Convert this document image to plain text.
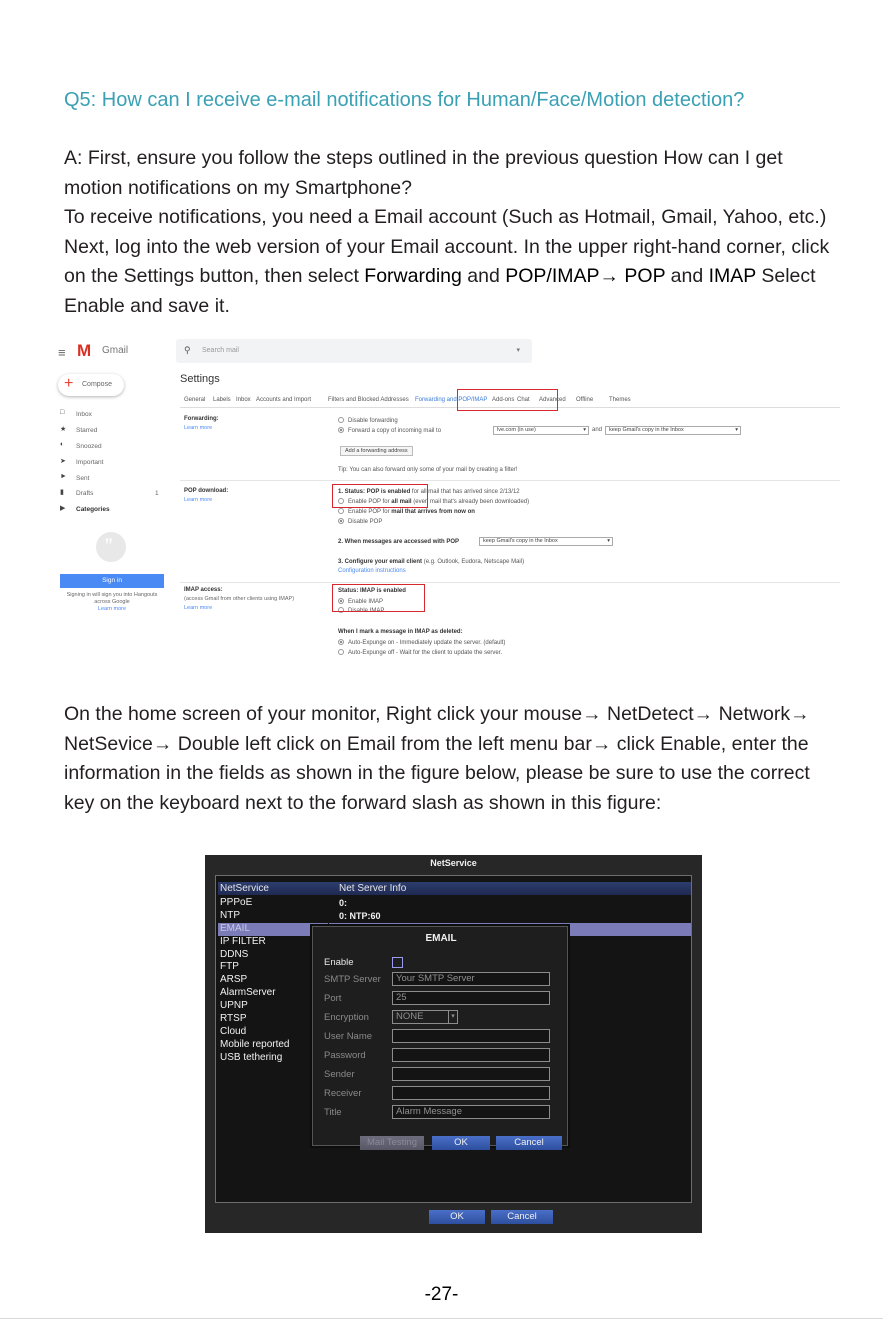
Q5: How can I receive e-mail notifications for Human/Face/Motion detection?
A: First, ensure you follow the steps outlined in the previous question How can I get motion notifications on my Smartphone?
To receive notifications, you need a Email account (Such as Hotmail, Gmail, Yahoo, etc.) Next, log into the web version of your Email account. In the upper right-hand corner, click on the Settings button, then select Forwarding and POP/IMAP→ POP and IMAP Select Enable and save it.
≡ M Gmail	⚲ Search mail	▾
+ Compose
□	Inbox
★ Starred
◐	Snoozed
➤	Important
► Sent
▮	Drafts	1
▶	Categories
”
Sign in
Signing in will sign you into Hangouts across Google
Learn more
Settings
General Labels Inbox Accounts and Import	Filters and Blocked Addresses Forwarding and POP/IMAP Add-ons Chat Advanced Offline	Themes
Forwarding:
Learn more
Disable forwarding
Forward a copy of incoming mail to	lve.com (in use)	▾ and	keep Gmail's copy in the Inbox	▾
Add a forwarding address
Tip: You can also forward only some of your mail by creating a filter!
POP download:
Learn more
1. Status: POP is enabled for all mail that has arrived since 2/13/12
Enable POP for all mail (even mail that's already been downloaded)
Enable POP for mail that arrives from now on
Disable POP
2. When messages are accessed with POP	keep Gmail's copy in the Inbox	▾
3. Configure your email client (e.g. Outlook, Eudora, Netscape Mail)
Configuration instructions
IMAP access:
(access Gmail from other clients using IMAP)
Learn more
Status: IMAP is enabled
Enable IMAP
Disable IMAP
When I mark a message in IMAP as deleted:
Auto-Expunge on - Immediately update the server. (default)
Auto-Expunge off - Wait for the client to update the server.
On the home screen of your monitor, Right click your mouse→ NetDetect→ Network→ NetSevice→ Double left click on Email from the left menu bar→ click Enable, enter the information in the fields as shown in the figure below, please be sure to use the correct key on the keyboard next to the forward slash as shown in this figure:
NetService
NetService	Net Server Info
PPPoE
NTP
EMAIL
IP FILTER
DDNS
FTP
ARSP
AlarmServer
UPNP
RTSP
Cloud
Mobile reported
USB tethering
0:
0: NTP:60
EMAIL
Enable
SMTP Server	Your SMTP Server
Port	25
Encryption	NONE	▾
User Name
Password
Sender
Receiver
Title	Alarm Message
Mail Testing	OK	Cancel
OK	Cancel
-27-
